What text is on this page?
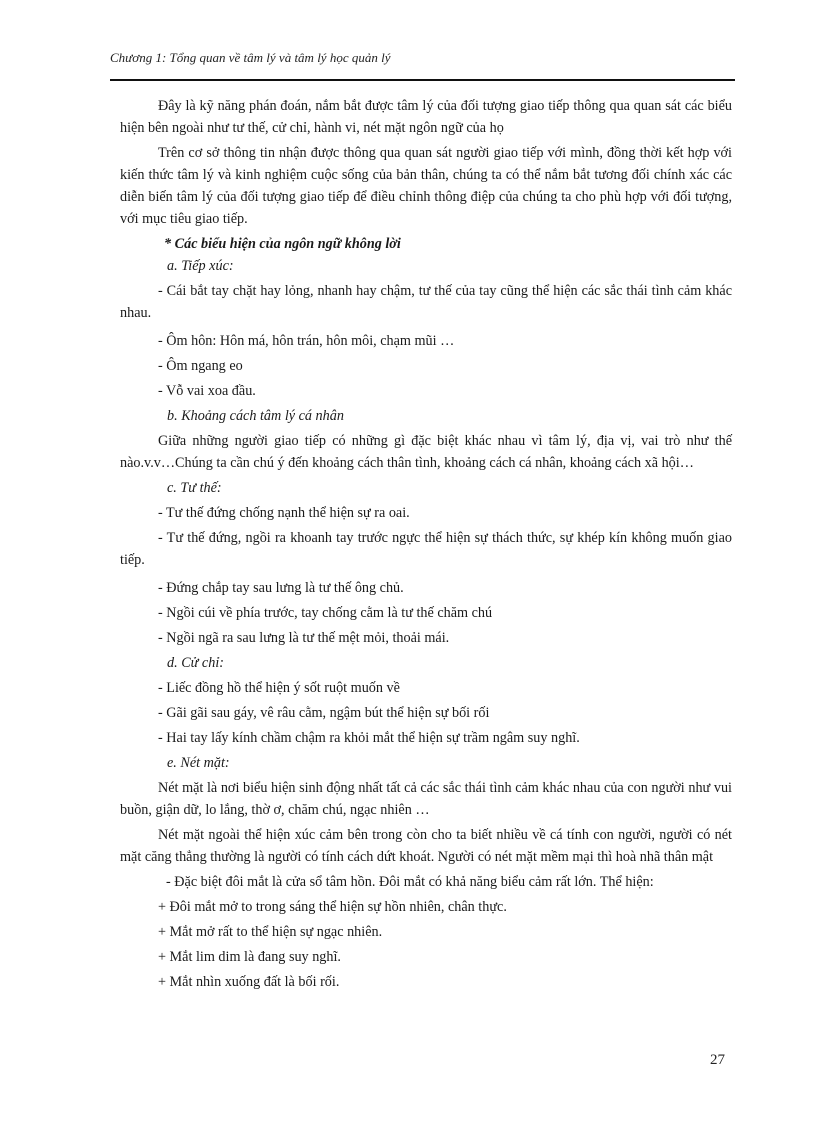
Chương 1: Tổng quan về tâm lý và tâm lý học quản lý

Đây là kỹ năng phán đoán, nắm bắt được tâm lý của đối tượng giao tiếp thông qua quan sát các biểu hiện bên ngoài như tư thế, cử chỉ, hành vi, nét mặt ngôn ngữ của họ

Trên cơ sở thông tin nhận được thông qua quan sát người giao tiếp với mình, đồng thời kết hợp với kiến thức tâm lý và kinh nghiệm cuộc sống của bản thân, chúng ta có thể nắm bắt tương đối chính xác các diễn biến tâm lý của đối tượng giao tiếp để điều chỉnh thông điệp của chúng ta cho phù hợp với đối tượng, với mục tiêu giao tiếp.

* Các biểu hiện của ngôn ngữ không lời

a. Tiếp xúc:

- Cái bắt tay chặt hay lỏng, nhanh hay chậm, tư thế của tay cũng thể hiện các sắc thái tình cảm khác nhau.

- Ôm hôn: Hôn má, hôn trán, hôn môi, chạm mũi …

- Ôm ngang eo

- Vỗ vai xoa đầu.

b. Khoảng cách tâm lý cá nhân

Giữa những người giao tiếp có những gì đặc biệt khác nhau vì tâm lý, địa vị, vai trò như thế nào.v.v…Chúng ta cần chú ý đến khoảng cách thân tình, khoảng cách cá nhân, khoảng cách xã hội…

c. Tư thế:

- Tư thế đứng chống nạnh thể hiện sự ra oai.

- Tư thế đứng, ngồi ra khoanh tay trước ngực thể hiện sự thách thức, sự khép kín không muốn giao tiếp.

- Đứng chắp tay sau lưng là tư thế ông chủ.

- Ngồi cúi về phía trước, tay chống cằm là tư thế chăm chú

- Ngồi ngã ra sau lưng là tư thế mệt mỏi, thoải mái.

d. Cử chỉ:

- Liếc đồng hồ thể hiện ý sốt ruột muốn về

- Gãi gãi sau gáy, vê râu cằm, ngậm bút thể hiện sự bối rối

- Hai tay lấy kính chầm chậm ra khỏi mắt thể hiện sự trầm ngâm suy nghĩ.

e. Nét mặt:

Nét mặt là nơi biểu hiện sinh động nhất tất cả các sắc thái tình cảm khác nhau của con người như vui buồn, giận dữ, lo lắng, thờ ơ, chăm chú, ngạc nhiên …

Nét mặt ngoài thể hiện xúc cảm bên trong còn cho ta biết nhiều về cá tính con người, người có nét mặt căng thẳng thường là người có tính cách dứt khoát. Người có nét mặt mềm mại thì hoà nhã thân mật

- Đặc biệt đôi mắt là cửa sổ tâm hồn. Đôi mắt có khả năng biểu cảm rất lớn. Thể hiện:

+ Đôi mắt mở to trong sáng thể hiện sự hồn nhiên, chân thực.

+ Mắt mở rất to thể hiện sự ngạc nhiên.

+ Mắt lim dim là đang suy nghĩ.

+ Mắt nhìn xuống đất là bối rối.

27
